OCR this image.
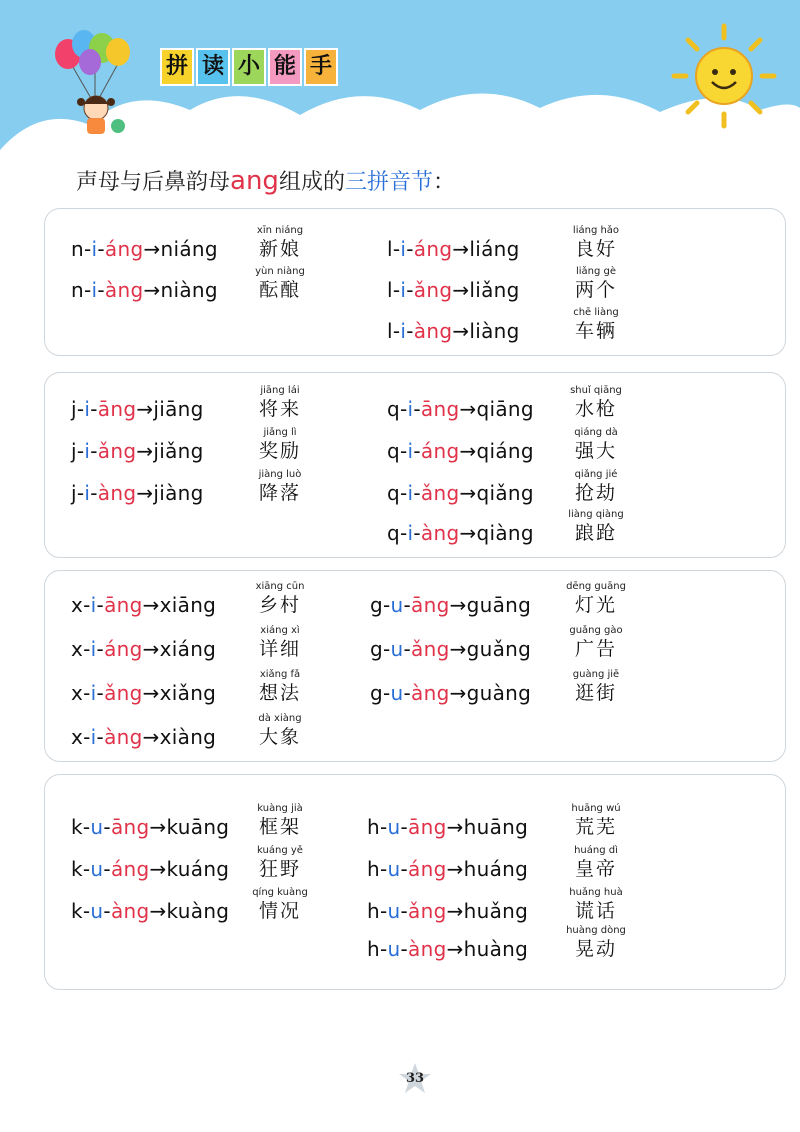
拼 读 小 能 手
声母与后鼻韵母ang组成的三拼音节：
n-i-áng→niáng
xīn niáng
新娘
n-i-àng→niàng
yùn niàng
酝酿
l-i-áng→liáng
liáng hǎo
良好
l-i-ǎng→liǎng
liǎng gè
两个
l-i-àng→liàng
chē liàng
车辆
j-i-āng→jiāng
jiāng lái
将来
j-i-ǎng→jiǎng
jiǎng lì
奖励
j-i-àng→jiàng
jiàng luò
降落
q-i-āng→qiāng
shuǐ qiāng
水枪
q-i-áng→qiáng
qiáng dà
强大
q-i-ǎng→qiǎng
qiǎng jié
抢劫
q-i-àng→qiàng
liàng qiàng
踉跄
x-i-āng→xiāng
xiāng cūn
乡村
x-i-áng→xiáng
xiáng xì
详细
x-i-ǎng→xiǎng
xiǎng fǎ
想法
x-i-àng→xiàng
dà xiàng
大象
g-u-āng→guāng
dēng guāng
灯光
g-u-ǎng→guǎng
guǎng gào
广告
g-u-àng→guàng
guàng jiē
逛街
k-u-āng→kuāng
kuàng jià
框架
k-u-áng→kuáng
kuáng yě
狂野
k-u-àng→kuàng
qíng kuàng
情况
h-u-āng→huāng
huāng wú
荒芜
h-u-áng→huáng
huáng dì
皇帝
h-u-ǎng→huǎng
huǎng huà
谎话
h-u-àng→huàng
huàng dòng
晃动
33
